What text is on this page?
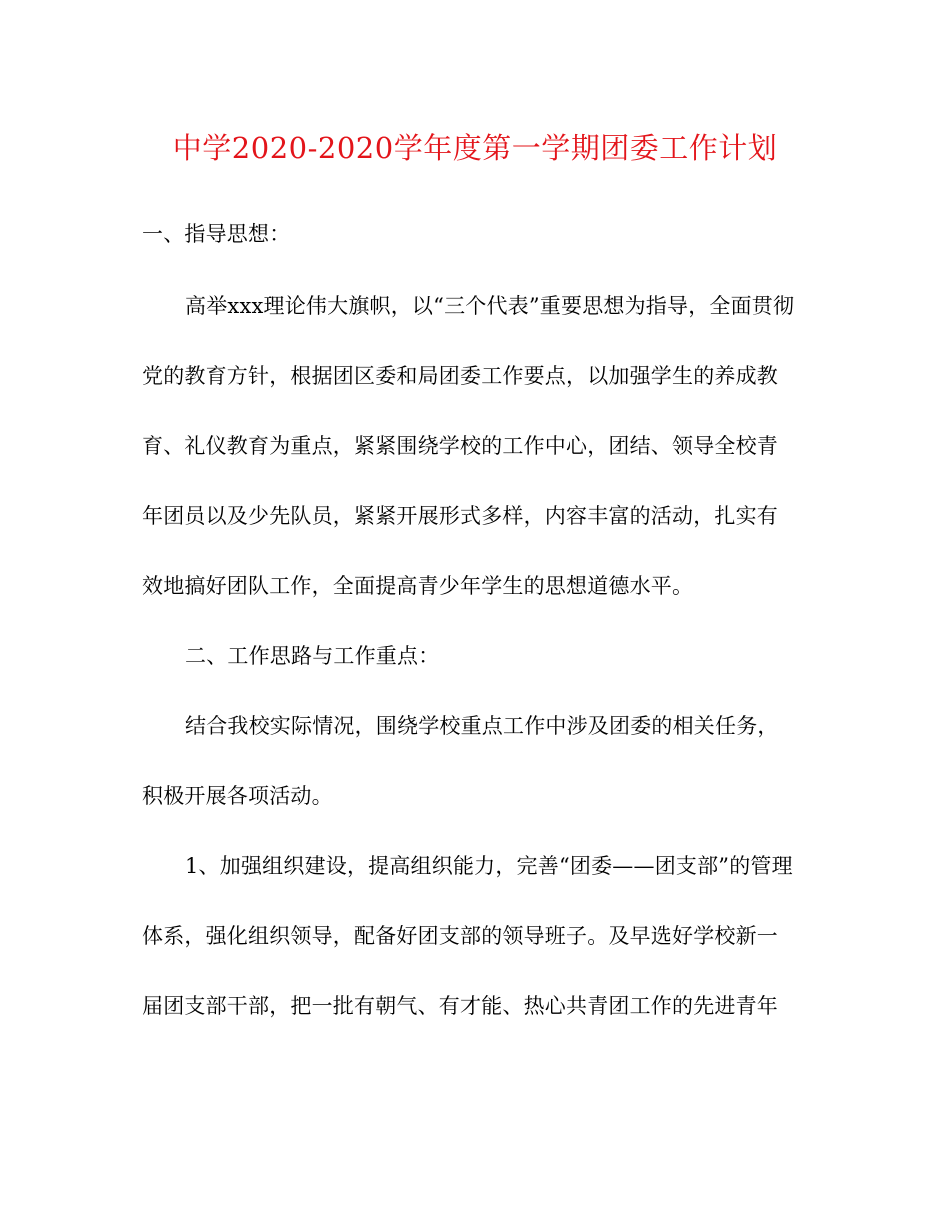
中学2020-2020学年度第一学期团委工作计划
一、指导思想：
高举xxx理论伟大旗帜，以“三个代表”重要思想为指导，全面贯彻
党的教育方针，根据团区委和局团委工作要点，以加强学生的养成教
育、礼仪教育为重点，紧紧围绕学校的工作中心，团结、领导全校青
年团员以及少先队员，紧紧开展形式多样，内容丰富的活动，扎实有
效地搞好团队工作，全面提高青少年学生的思想道德水平。
二、工作思路与工作重点：
结合我校实际情况，围绕学校重点工作中涉及团委的相关任务，
积极开展各项活动。
1、加强组织建设，提高组织能力，完善“团委——团支部”的管理
体系，强化组织领导，配备好团支部的领导班子。及早选好学校新一
届团支部干部，把一批有朝气、有才能、热心共青团工作的先进青年
